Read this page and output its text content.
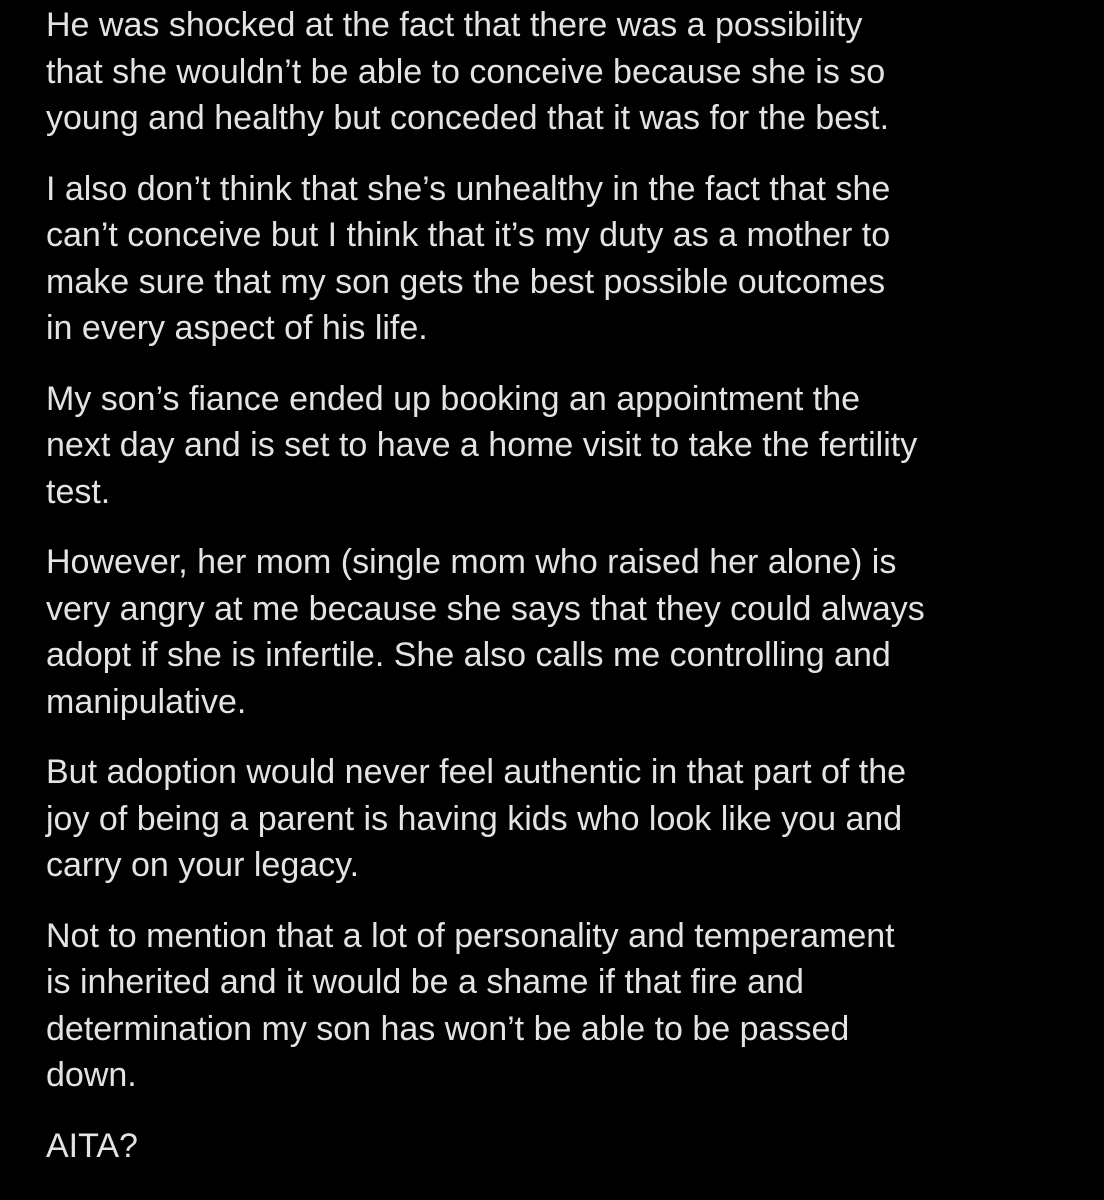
He was shocked at the fact that there was a possibility
that she wouldn’t be able to conceive because she is so
young and healthy but conceded that it was for the best.

I also don’t think that she’s unhealthy in the fact that she
can’t conceive but I think that it’s my duty as a mother to
make sure that my son gets the best possible outcomes
in every aspect of his life.

My son’s fiance ended up booking an appointment the
next day and is set to have a home visit to take the fertility
test.

However, her mom (single mom who raised her alone) is
very angry at me because she says that they could always
adopt if she is infertile. She also calls me controlling and
manipulative.

But adoption would never feel authentic in that part of the
joy of being a parent is having kids who look like you and
carry on your legacy.

Not to mention that a lot of personality and temperament
is inherited and it would be a shame if that fire and
determination my son has won’t be able to be passed
down.

AITA?
